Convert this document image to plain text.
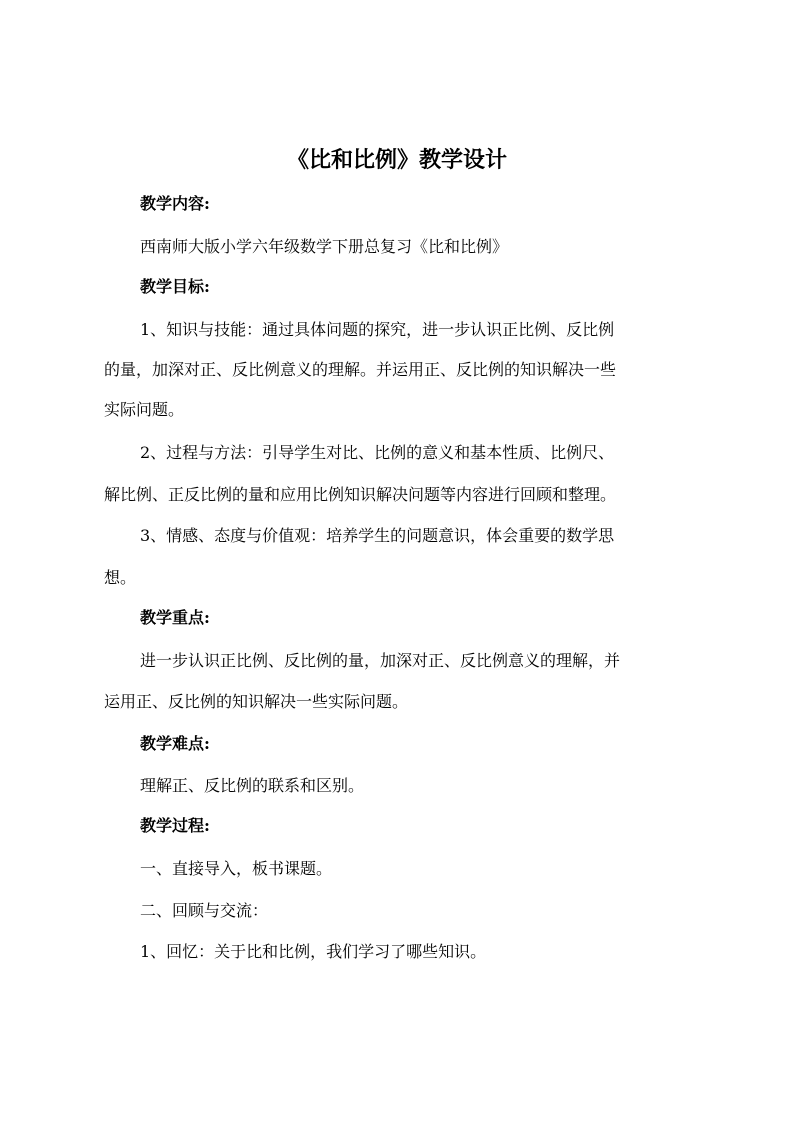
《比和比例》教学设计
教学内容:
西南师大版小学六年级数学下册总复习《比和比例》
教学目标:
1、知识与技能：通过具体问题的探究，进一步认识正比例、反比例
的量，加深对正、反比例意义的理解。并运用正、反比例的知识解决一些
实际问题。
2、过程与方法：引导学生对比、比例的意义和基本性质、比例尺、
解比例、正反比例的量和应用比例知识解决问题等内容进行回顾和整理。
3、情感、态度与价值观：培养学生的问题意识，体会重要的数学思
想。
教学重点:
进一步认识正比例、反比例的量，加深对正、反比例意义的理解，并
运用正、反比例的知识解决一些实际问题。
教学难点:
理解正、反比例的联系和区别。
教学过程:
一、直接导入，板书课题。
二、回顾与交流：
1、回忆：关于比和比例，我们学习了哪些知识。
